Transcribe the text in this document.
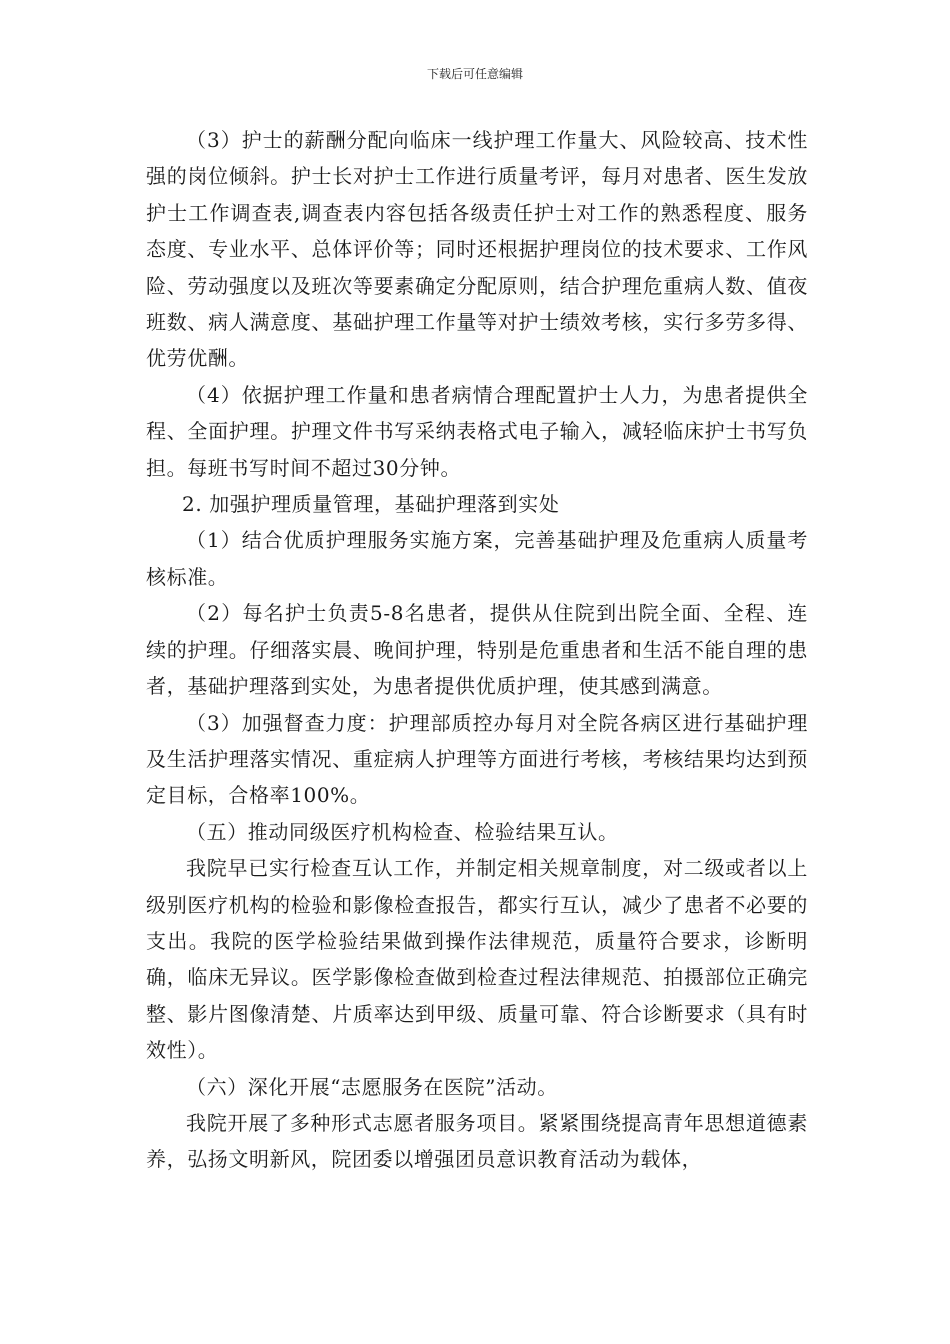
下载后可任意编辑

（3）护士的薪酬分配向临床一线护理工作量大、风险较高、技术性强的岗位倾斜。护士长对护士工作进行质量考评，每月对患者、医生发放护士工作调查表,调查表内容包括各级责任护士对工作的熟悉程度、服务态度、专业水平、总体评价等；同时还根据护理岗位的技术要求、工作风险、劳动强度以及班次等要素确定分配原则，结合护理危重病人数、值夜班数、病人满意度、基础护理工作量等对护士绩效考核，实行多劳多得、优劳优酬。

（4）依据护理工作量和患者病情合理配置护士人力，为患者提供全程、全面护理。护理文件书写采纳表格式电子输入，减轻临床护士书写负担。每班书写时间不超过30分钟。

2. 加强护理质量管理，基础护理落到实处

（1）结合优质护理服务实施方案，完善基础护理及危重病人质量考核标准。

（2）每名护士负责5-8名患者，提供从住院到出院全面、全程、连续的护理。仔细落实晨、晚间护理，特别是危重患者和生活不能自理的患者，基础护理落到实处，为患者提供优质护理，使其感到满意。

（3）加强督查力度：护理部质控办每月对全院各病区进行基础护理及生活护理落实情况、重症病人护理等方面进行考核，考核结果均达到预定目标，合格率100%。

（五）推动同级医疗机构检查、检验结果互认。

我院早已实行检查互认工作，并制定相关规章制度，对二级或者以上级别医疗机构的检验和影像检查报告，都实行互认，减少了患者不必要的支出。我院的医学检验结果做到操作法律规范，质量符合要求，诊断明确，临床无异议。医学影像检查做到检查过程法律规范、拍摄部位正确完整、影片图像清楚、片质率达到甲级、质量可靠、符合诊断要求（具有时效性）。

（六）深化开展“志愿服务在医院”活动。

我院开展了多种形式志愿者服务项目。紧紧围绕提高青年思想道德素养，弘扬文明新风，院团委以增强团员意识教育活动为载体，
